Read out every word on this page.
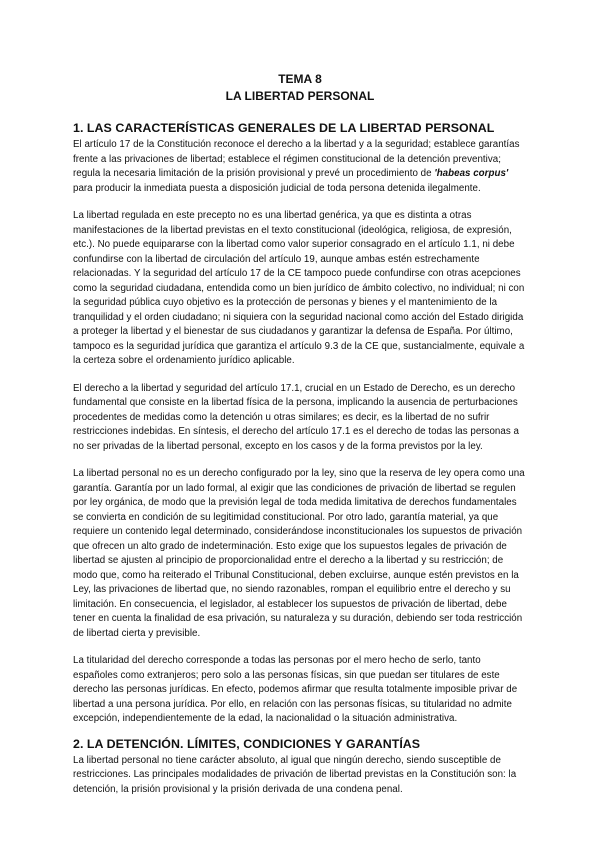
TEMA 8

LA LIBERTAD PERSONAL

1. LAS CARACTERÍSTICAS GENERALES DE LA LIBERTAD PERSONAL

El artículo 17 de la Constitución reconoce el derecho a la libertad y a la seguridad; establece garantías frente a las privaciones de libertad; establece el régimen constitucional de la detención preventiva; regula la necesaria limitación de la prisión provisional y prevé un procedimiento de 'habeas corpus' para producir la inmediata puesta a disposición judicial de toda persona detenida ilegalmente.

La libertad regulada en este precepto no es una libertad genérica, ya que es distinta a otras manifestaciones de la libertad previstas en el texto constitucional (ideológica, religiosa, de expresión, etc.). No puede equipararse con la libertad como valor superior consagrado en el artículo 1.1, ni debe confundirse con la libertad de circulación del artículo 19, aunque ambas estén estrechamente relacionadas. Y la seguridad del artículo 17 de la CE tampoco puede confundirse con otras acepciones como la seguridad ciudadana, entendida como un bien jurídico de ámbito colectivo, no individual; ni con la seguridad pública cuyo objetivo es la protección de personas y bienes y el mantenimiento de la tranquilidad y el orden ciudadano; ni siquiera con la seguridad nacional como acción del Estado dirigida a proteger la libertad y el bienestar de sus ciudadanos y garantizar la defensa de España. Por último, tampoco es la seguridad jurídica que garantiza el artículo 9.3 de la CE que, sustancialmente, equivale a la certeza sobre el ordenamiento jurídico aplicable.

El derecho a la libertad y seguridad del artículo 17.1, crucial en un Estado de Derecho, es un derecho fundamental que consiste en la libertad física de la persona, implicando la ausencia de perturbaciones procedentes de medidas como la detención u otras similares; es decir, es la libertad de no sufrir restricciones indebidas. En síntesis, el derecho del artículo 17.1 es el derecho de todas las personas a no ser privadas de la libertad personal, excepto en los casos y de la forma previstos por la ley.

La libertad personal no es un derecho configurado por la ley, sino que la reserva de ley opera como una garantía. Garantía por un lado formal, al exigir que las condiciones de privación de libertad se regulen por ley orgánica, de modo que la previsión legal de toda medida limitativa de derechos fundamentales se convierta en condición de su legitimidad constitucional. Por otro lado, garantía material, ya que requiere un contenido legal determinado, considerándose inconstitucionales los supuestos de privación que ofrecen un alto grado de indeterminación. Esto exige que los supuestos legales de privación de libertad se ajusten al principio de proporcionalidad entre el derecho a la libertad y su restricción; de modo que, como ha reiterado el Tribunal Constitucional, deben excluirse, aunque estén previstos en la Ley, las privaciones de libertad que, no siendo razonables, rompan el equilibrio entre el derecho y su limitación. En consecuencia, el legislador, al establecer los supuestos de privación de libertad, debe tener en cuenta la finalidad de esa privación, su naturaleza y su duración, debiendo ser toda restricción de libertad cierta y previsible.

La titularidad del derecho corresponde a todas las personas por el mero hecho de serlo, tanto españoles como extranjeros; pero solo a las personas físicas, sin que puedan ser titulares de este derecho las personas jurídicas. En efecto, podemos afirmar que resulta totalmente imposible privar de libertad a una persona jurídica. Por ello, en relación con las personas físicas, su titularidad no admite excepción, independientemente de la edad, la nacionalidad o la situación administrativa.

2. LA DETENCIÓN. LÍMITES, CONDICIONES Y GARANTÍAS

La libertad personal no tiene carácter absoluto, al igual que ningún derecho, siendo susceptible de restricciones. Las principales modalidades de privación de libertad previstas en la Constitución son: la detención, la prisión provisional y la prisión derivada de una condena penal.
